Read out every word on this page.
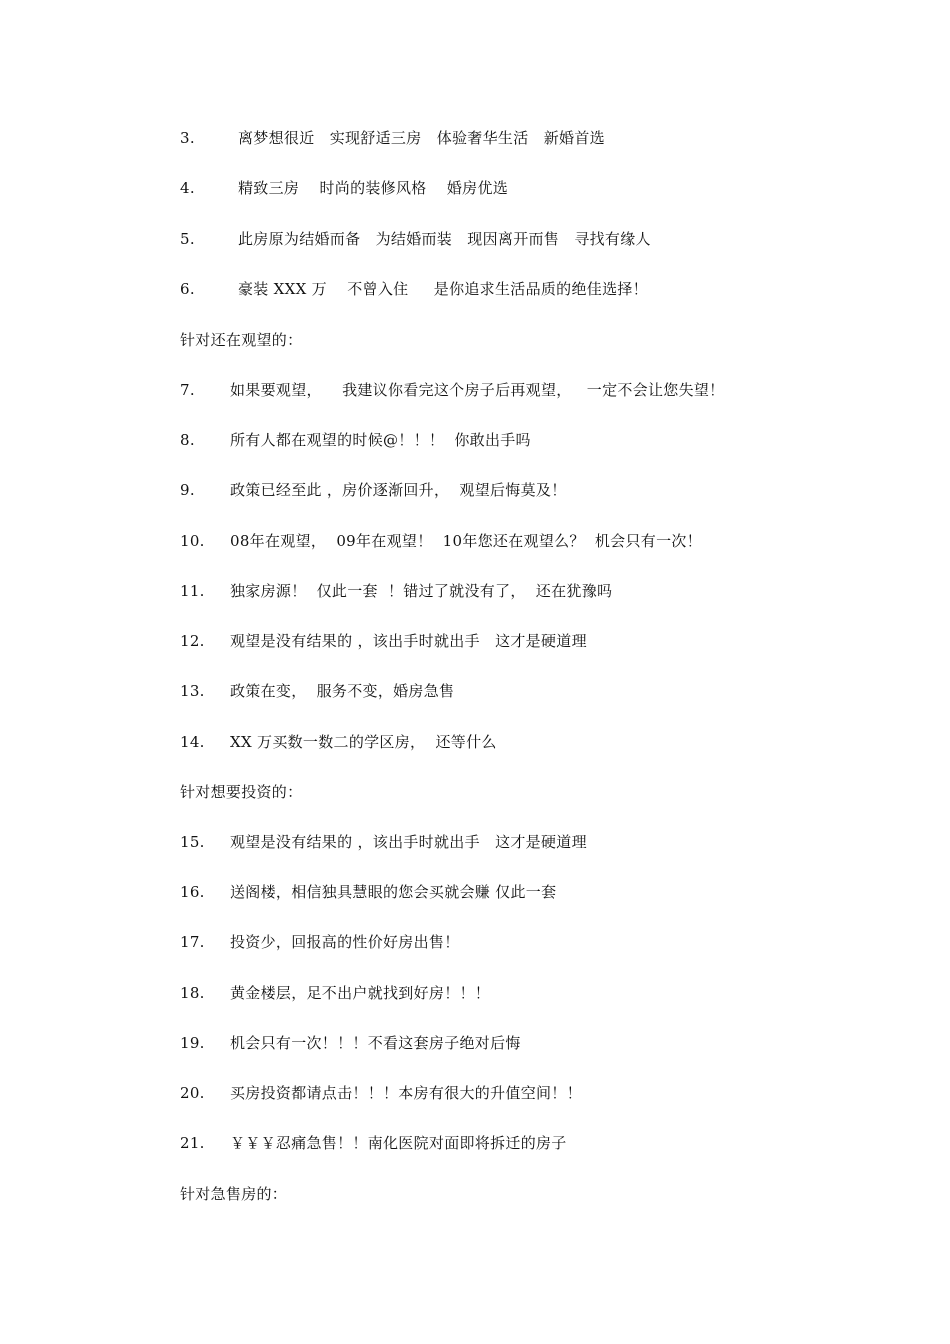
3.	离梦想很近   实现舒适三房   体验奢华生活   新婚首选
4.	精致三房    时尚的装修风格    婚房优选
5.	此房原为结婚而备   为结婚而装   现因离开而售   寻找有缘人
6.	豪装 XXX 万    不曾入住     是你追求生活品质的绝佳选择！
针对还在观望的：
7. 如果要观望，    我建议你看完这个房子后再观望，   一定不会让您失望！
8. 所有人都在观望的时候@！！！  你敢出手吗
9. 政策已经至此 ，房价逐渐回升，  观望后悔莫及！
10. 08年在观望，  09年在观望！  10年您还在观望么？  机会只有一次！
11. 独家房源！  仅此一套  ！错过了就没有了，  还在犹豫吗
12. 观望是没有结果的 ，该出手时就出手   这才是硬道理
13. 政策在变，  服务不变，婚房急售
14. XX 万买数一数二的学区房，  还等什么
针对想要投资的：
15. 观望是没有结果的 ，该出手时就出手   这才是硬道理
16. 送阁楼，相信独具慧眼的您会买就会赚 仅此一套
17. 投资少，回报高的性价好房出售！
18. 黄金楼层，足不出户就找到好房！！！
19. 机会只有一次！！！不看这套房子绝对后悔
20. 买房投资都请点击！！！本房有很大的升值空间！！
21. ￥￥￥忍痛急售！！南化医院对面即将拆迁的房子
针对急售房的：
